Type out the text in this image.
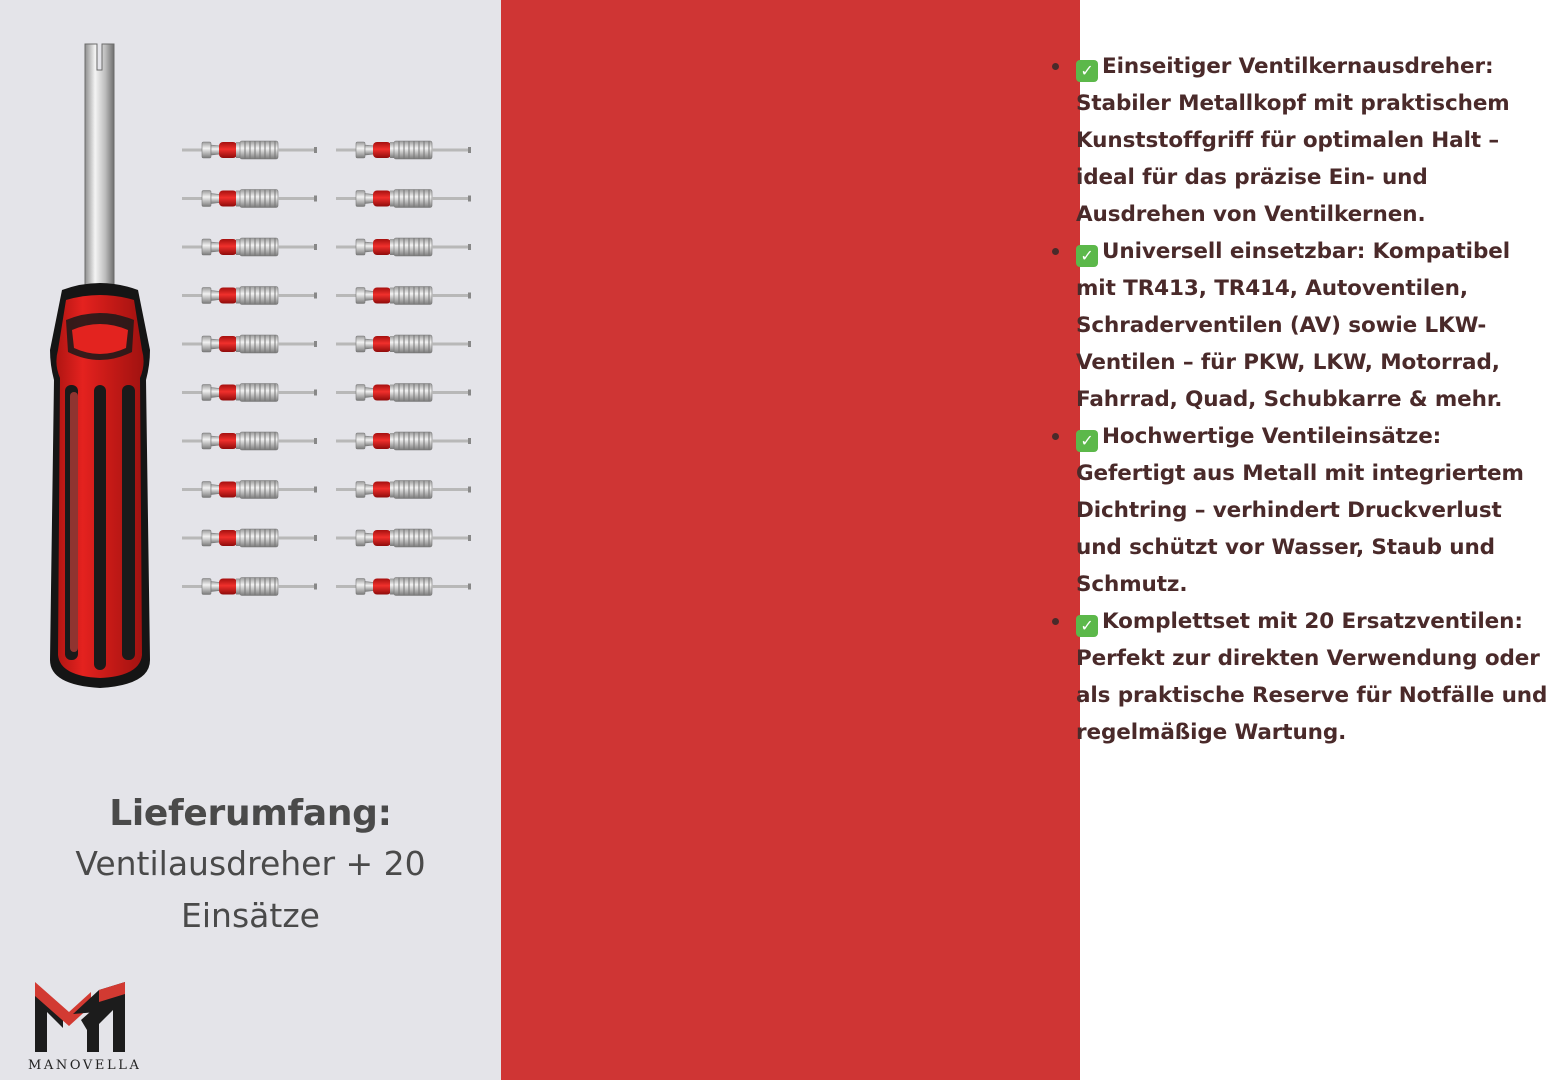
Lieferumfang:
Ventilausdreher + 20 Einsätze
MANOVELLA
✓ Einseitiger Ventilkernausdreher: Stabiler Metallkopf mit praktischem Kunststoffgriff für optimalen Halt – ideal für das präzise Ein- und Ausdrehen von Ventilkernen.
✓ Universell einsetzbar: Kompatibel mit TR413, TR414, Autoventilen, Schraderventilen (AV) sowie LKW-Ventilen – für PKW, LKW, Motorrad, Fahrrad, Quad, Schubkarre & mehr.
✓ Hochwertige Ventileinsätze: Gefertigt aus Metall mit integriertem Dichtring – verhindert Druckverlust und schützt vor Wasser, Staub und Schmutz.
✓ Komplettset mit 20 Ersatzventilen: Perfekt zur direkten Verwendung oder als praktische Reserve für Notfälle und regelmäßige Wartung.
